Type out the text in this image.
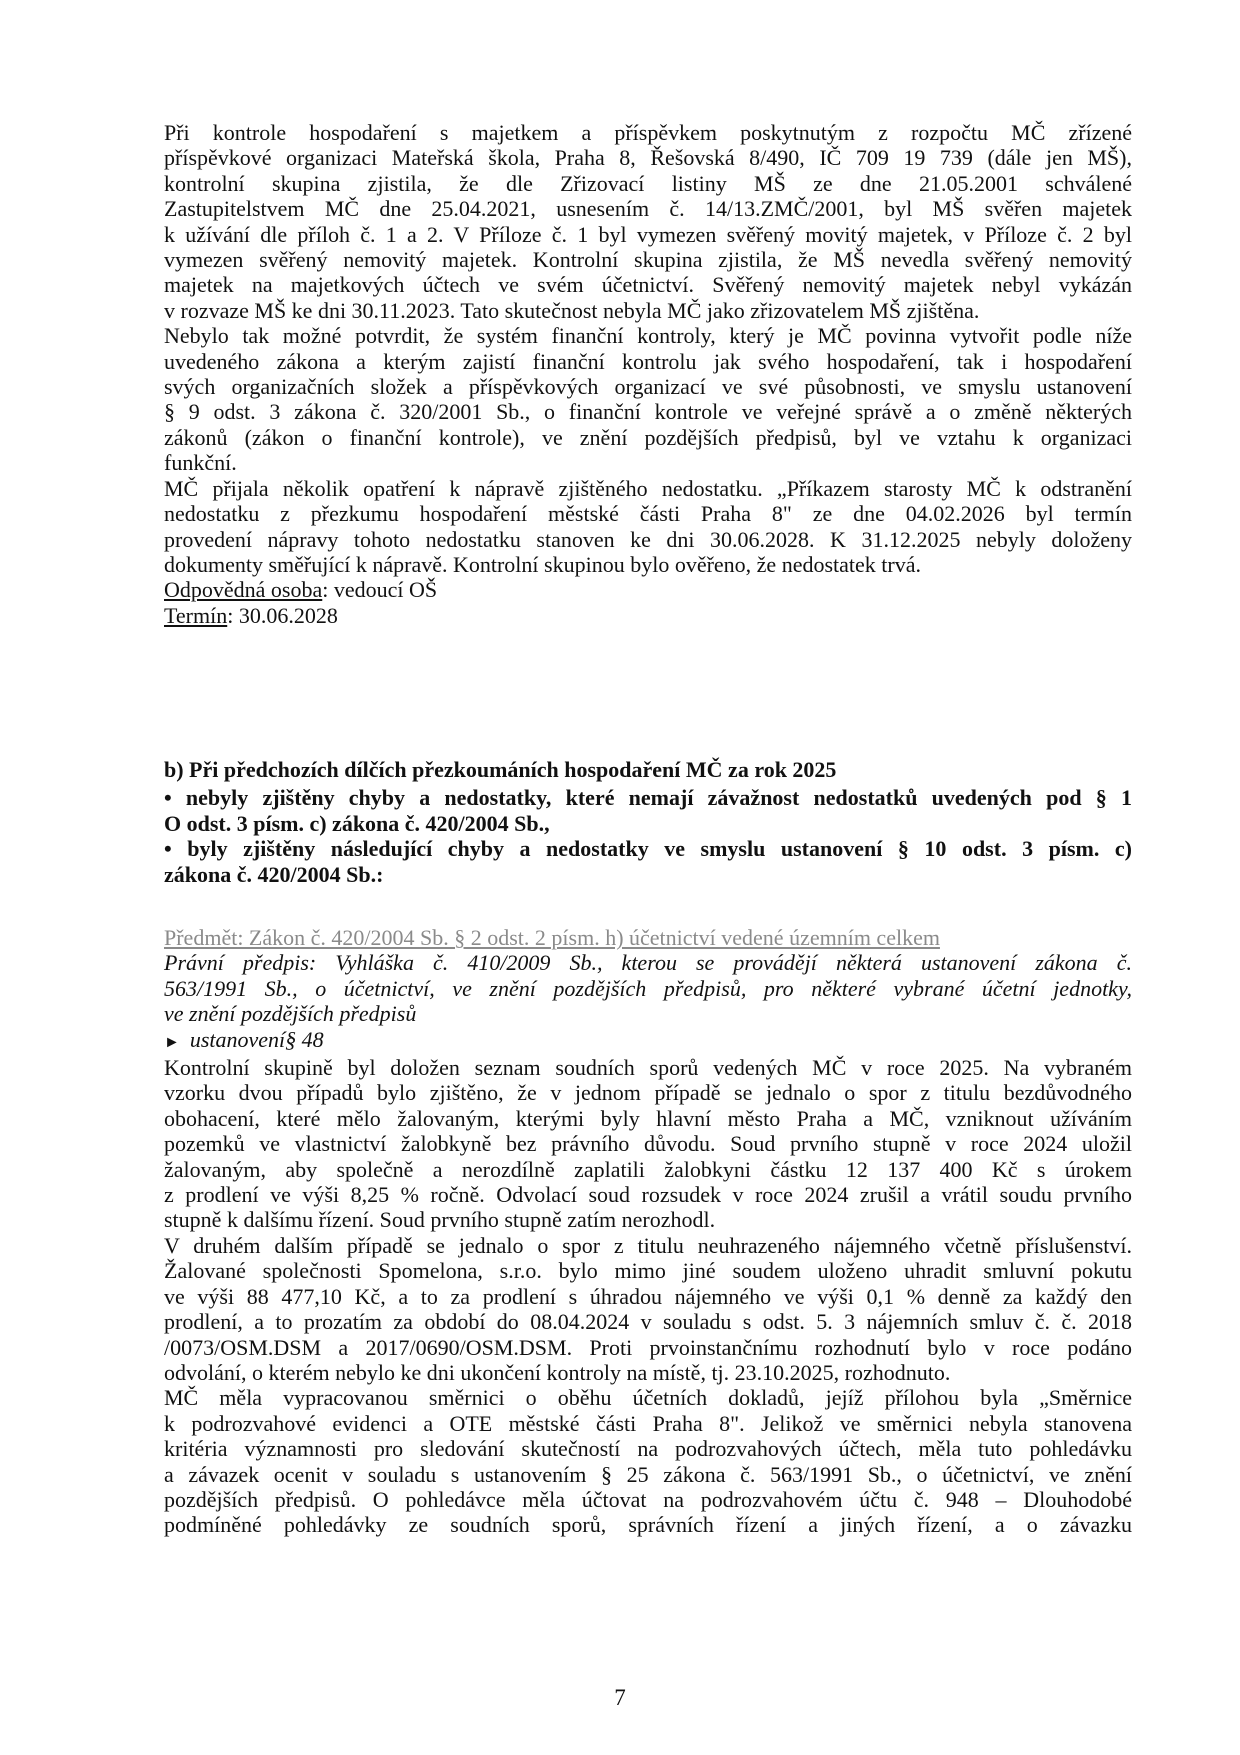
Při kontrole hospodaření s majetkem a příspěvkem poskytnutým z rozpočtu MČ zřízené

příspěvkové organizaci Mateřská škola, Praha 8, Řešovská 8/490, IČ 709 19 739 (dále jen MŠ),

kontrolní skupina zjistila, že dle Zřizovací listiny MŠ ze dne 21.05.2001 schválené

Zastupitelstvem MČ dne 25.04.2021, usnesením č. 14/13.ZMČ/2001, byl MŠ svěřen majetek

k užívání dle příloh č. 1 a 2. V Příloze č. 1 byl vymezen svěřený movitý majetek, v Příloze č. 2 byl

vymezen svěřený nemovitý majetek. Kontrolní skupina zjistila, že MŠ nevedla svěřený nemovitý

majetek na majetkových účtech ve svém účetnictví. Svěřený nemovitý majetek nebyl vykázán

v rozvaze MŠ ke dni 30.11.2023. Tato skutečnost nebyla MČ jako zřizovatelem MŠ zjištěna.

Nebylo tak možné potvrdit, že systém finanční kontroly, který je MČ povinna vytvořit podle níže

uvedeného zákona a kterým zajistí finanční kontrolu jak svého hospodaření, tak i hospodaření

svých organizačních složek a příspěvkových organizací ve své působnosti, ve smyslu ustanovení

§ 9 odst. 3 zákona č. 320/2001 Sb., o finanční kontrole ve veřejné správě a o změně některých

zákonů (zákon o finanční kontrole), ve znění pozdějších předpisů, byl ve vztahu k organizaci

funkční.

MČ přijala několik opatření k nápravě zjištěného nedostatku. „Příkazem starosty MČ k odstranění

nedostatku z přezkumu hospodaření městské části Praha 8" ze dne 04.02.2026 byl termín

provedení nápravy tohoto nedostatku stanoven ke dni 30.06.2028. K 31.12.2025 nebyly doloženy

dokumenty směřující k nápravě. Kontrolní skupinou bylo ověřeno, že nedostatek trvá.

Odpovědná osoba: vedoucí OŠ

Termín: 30.06.2028

b) Při předchozích dílčích přezkoumáních hospodaření MČ za rok 2025

• nebyly zjištěny chyby a nedostatky, které nemají závažnost nedostatků uvedených pod § 1

O odst. 3 písm. c) zákona č. 420/2004 Sb.,

• byly zjištěny následující chyby a nedostatky ve smyslu ustanovení § 10 odst. 3 písm. c)

zákona č. 420/2004 Sb.:

Předmět: Zákon č. 420/2004 Sb. § 2 odst. 2 písm. h) účetnictví vedené územním celkem

Právní předpis: Vyhláška č. 410/2009 Sb., kterou se provádějí některá ustanovení zákona č.

563/1991 Sb., o účetnictví, ve znění pozdějších předpisů, pro některé vybrané účetní jednotky,

ve znění pozdějších předpisů

► ustanovení§ 48

Kontrolní skupině byl doložen seznam soudních sporů vedených MČ v roce 2025. Na vybraném

vzorku dvou případů bylo zjištěno, že v jednom případě se jednalo o spor z titulu bezdůvodného

obohacení, které mělo žalovaným, kterými byly hlavní město Praha a MČ, vzniknout užíváním

pozemků ve vlastnictví žalobkyně bez právního důvodu. Soud prvního stupně v roce 2024 uložil

žalovaným, aby společně a nerozdílně zaplatili žalobkyni částku 12 137 400 Kč s úrokem

z prodlení ve výši 8,25 % ročně. Odvolací soud rozsudek v roce 2024 zrušil a vrátil soudu prvního

stupně k dalšímu řízení. Soud prvního stupně zatím nerozhodl.

V druhém dalším případě se jednalo o spor z titulu neuhrazeného nájemného včetně příslušenství.

Žalované společnosti Spomelona, s.r.o. bylo mimo jiné soudem uloženo uhradit smluvní pokutu

ve výši 88 477,10 Kč, a to za prodlení s úhradou nájemného ve výši 0,1 % denně za každý den

prodlení, a to prozatím za období do 08.04.2024 v souladu s odst. 5. 3 nájemních smluv č. č. 2018

/0073/OSM.DSM a 2017/0690/OSM.DSM. Proti prvoinstančnímu rozhodnutí bylo v roce podáno

odvolání, o kterém nebylo ke dni ukončení kontroly na místě, tj. 23.10.2025, rozhodnuto.

MČ měla vypracovanou směrnici o oběhu účetních dokladů, jejíž přílohou byla „Směrnice

k podrozvahové evidenci a OTE městské části Praha 8". Jelikož ve směrnici nebyla stanovena

kritéria významnosti pro sledování skutečností na podrozvahových účtech, měla tuto pohledávku

a závazek ocenit v souladu s ustanovením § 25 zákona č. 563/1991 Sb., o účetnictví, ve znění

pozdějších předpisů. O pohledávce měla účtovat na podrozvahovém účtu č. 948 – Dlouhodobé

podmíněné pohledávky ze soudních sporů, správních řízení a jiných řízení, a o závazku

7
